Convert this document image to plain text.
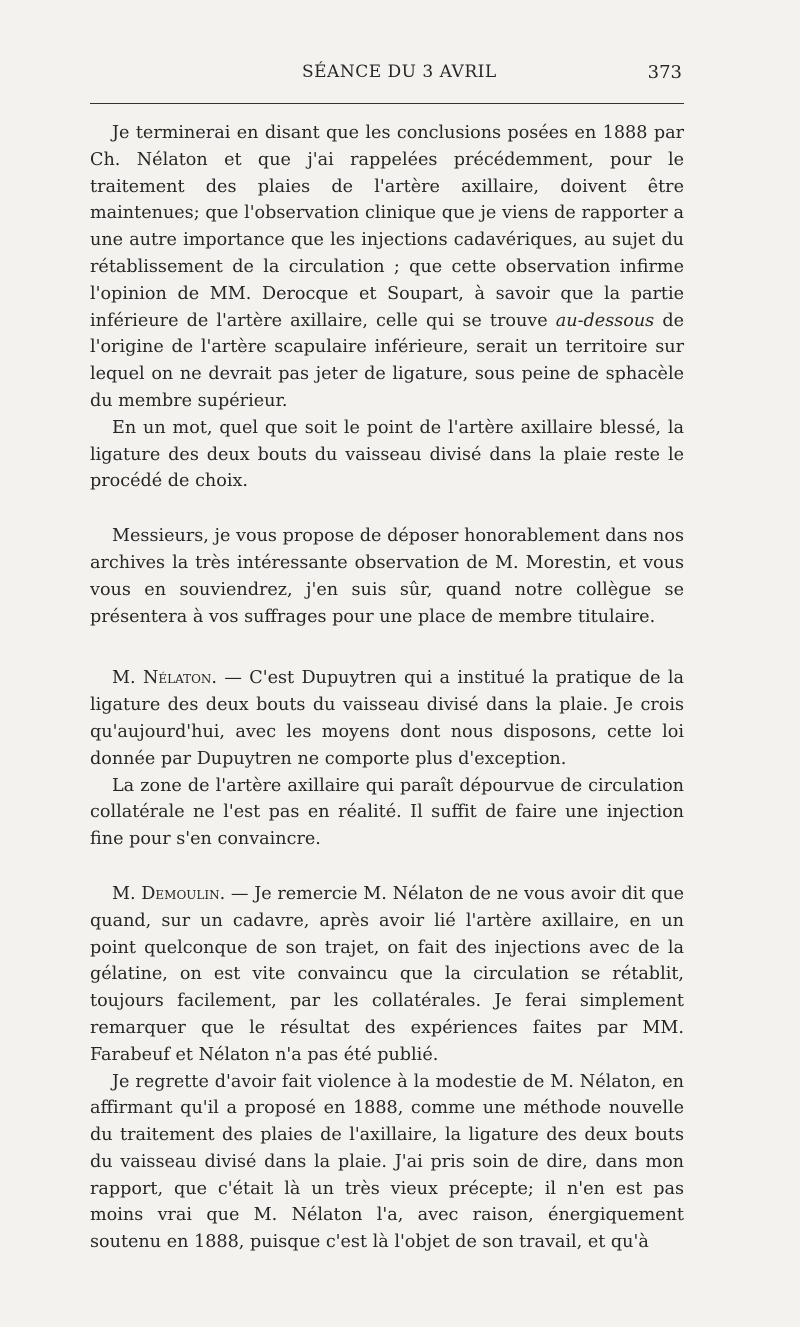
SÉANCE DU 3 AVRIL	373

Je terminerai en disant que les conclusions posées en 1888 par Ch. Nélaton et que j'ai rappelées précédemment, pour le traitement des plaies de l'artère axillaire, doivent être maintenues; que l'observation clinique que je viens de rapporter a une autre importance que les injections cadavériques, au sujet du rétablissement de la circulation ; que cette observation infirme l'opinion de MM. Derocque et Soupart, à savoir que la partie inférieure de l'artère axillaire, celle qui se trouve au-dessous de l'origine de l'artère scapulaire inférieure, serait un territoire sur lequel on ne devrait pas jeter de ligature, sous peine de sphacèle du membre supérieur.

En un mot, quel que soit le point de l'artère axillaire blessé, la ligature des deux bouts du vaisseau divisé dans la plaie reste le procédé de choix.

Messieurs, je vous propose de déposer honorablement dans nos archives la très intéressante observation de M. Morestin, et vous vous en souviendrez, j'en suis sûr, quand notre collègue se présentera à vos suffrages pour une place de membre titulaire.

M. Nélaton. — C'est Dupuytren qui a institué la pratique de la ligature des deux bouts du vaisseau divisé dans la plaie. Je crois qu'aujourd'hui, avec les moyens dont nous disposons, cette loi donnée par Dupuytren ne comporte plus d'exception.

La zone de l'artère axillaire qui paraît dépourvue de circulation collatérale ne l'est pas en réalité. Il suffit de faire une injection fine pour s'en convaincre.

M. Demoulin. — Je remercie M. Nélaton de ne vous avoir dit que quand, sur un cadavre, après avoir lié l'artère axillaire, en un point quelconque de son trajet, on fait des injections avec de la gélatine, on est vite convaincu que la circulation se rétablit, toujours facilement, par les collatérales. Je ferai simplement remarquer que le résultat des expériences faites par MM. Farabeuf et Nélaton n'a pas été publié.

Je regrette d'avoir fait violence à la modestie de M. Nélaton, en affirmant qu'il a proposé en 1888, comme une méthode nouvelle du traitement des plaies de l'axillaire, la ligature des deux bouts du vaisseau divisé dans la plaie. J'ai pris soin de dire, dans mon rapport, que c'était là un très vieux précepte; il n'en est pas moins vrai que M. Nélaton l'a, avec raison, énergiquement soutenu en 1888, puisque c'est là l'objet de son travail, et qu'à
